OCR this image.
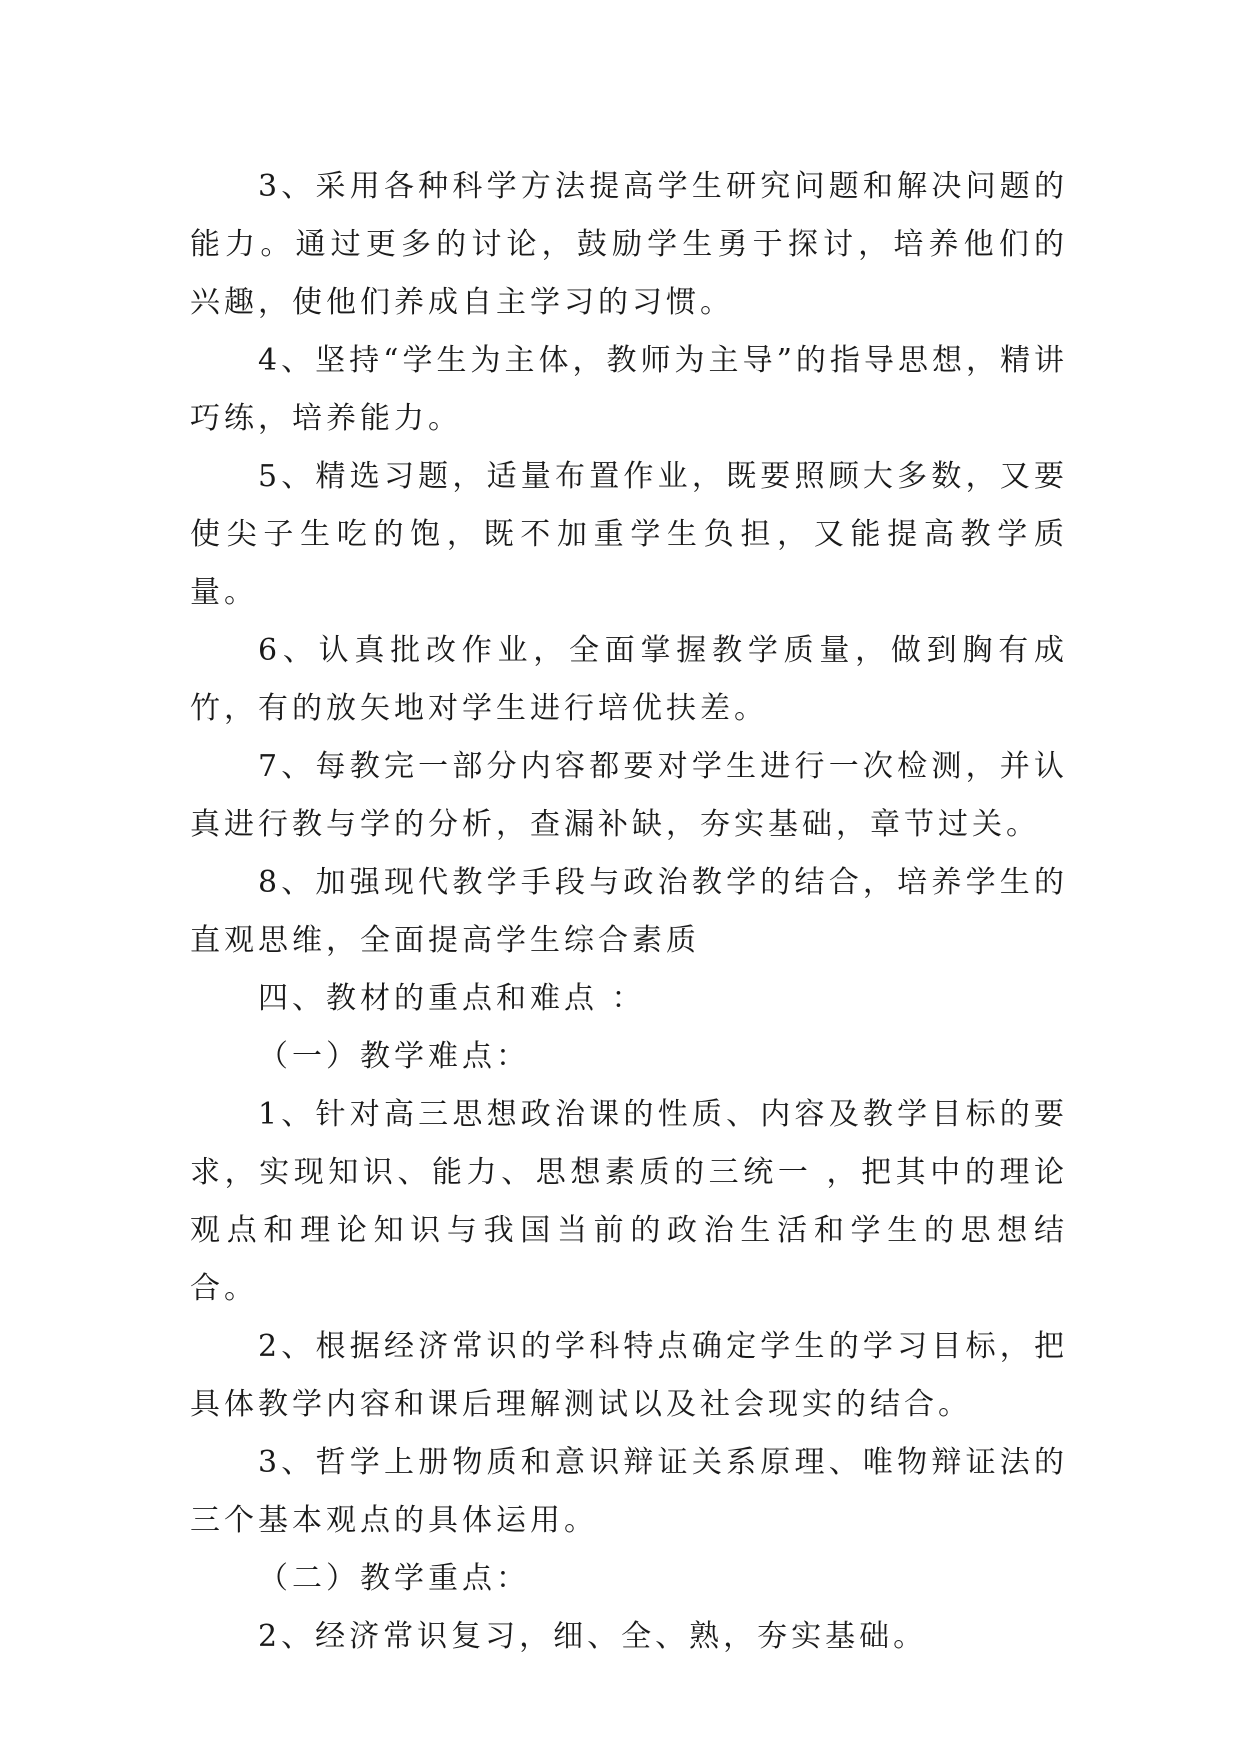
3、采用各种科学方法提高学生研究问题和解决问题的能力。通过更多的讨论，鼓励学生勇于探讨，培养他们的兴趣，使他们养成自主学习的习惯。

4、坚持“学生为主体，教师为主导”的指导思想，精讲巧练，培养能力。

5、精选习题，适量布置作业，既要照顾大多数，又要使尖子生吃的饱，既不加重学生负担，又能提高教学质量。

6、认真批改作业，全面掌握教学质量，做到胸有成竹，有的放矢地对学生进行培优扶差。

7、每教完一部分内容都要对学生进行一次检测，并认真进行教与学的分析，查漏补缺，夯实基础，章节过关。

8、加强现代教学手段与政治教学的结合，培养学生的直观思维，全面提高学生综合素质

四、教材的重点和难点 ：

（一）教学难点：

1、针对高三思想政治课的性质、内容及教学目标的要求，实现知识、能力、思想素质的三统一 ，把其中的理论观点和理论知识与我国当前的政治生活和学生的思想结合。

2、根据经济常识的学科特点确定学生的学习目标，把具体教学内容和课后理解测试以及社会现实的结合。

3、哲学上册物质和意识辩证关系原理、唯物辩证法的三个基本观点的具体运用。

（二）教学重点：

2、经济常识复习，细、全、熟，夯实基础。
